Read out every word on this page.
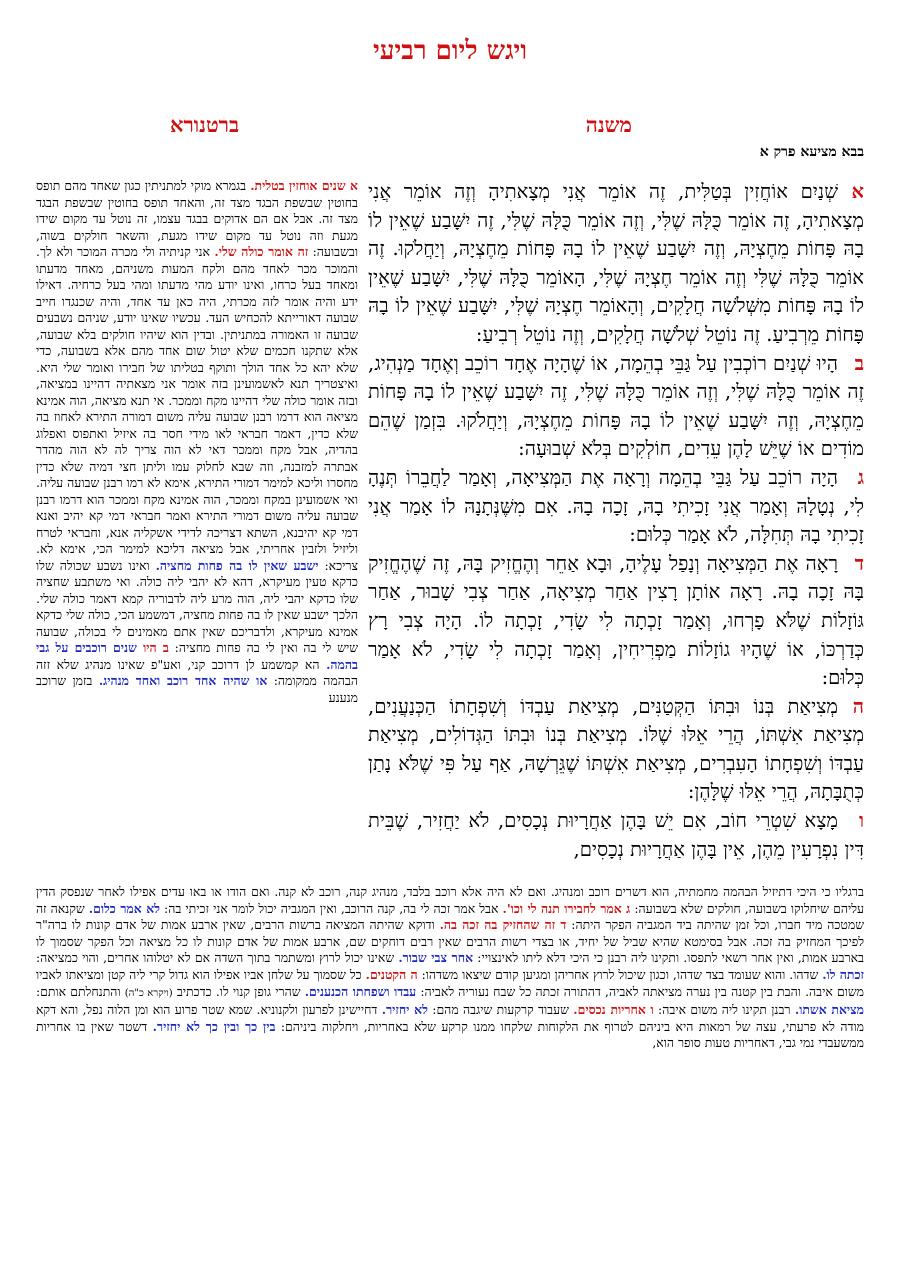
ויגש ליום רביעי
משנה
ברטנורא
בבא מציעא פרק א
אשְׁנַיִם אוֹחֲזִין בְּטַלִּית, זֶה אוֹמֵר אֲנִי מְצָאתִיהָ וְזֶה אוֹמֵר אֲנִי מְצָאתִיהָ, זֶה אוֹמֵר כֻּלָּהּ שֶׁלִּי, וְזֶה אוֹמֵר כֻּלָּהּ שֶׁלִּי, זֶה יִשָּׁבַע שֶׁאֵין לוֹ בָהּ פָּחוֹת מֵחֶצְיָהּ, וְזֶה יִשָּׁבַע שֶׁאֵין לוֹ בָהּ פָּחוֹת מֵחֶצְיָהּ, וְיַחֲלֹקוּ. זֶה אוֹמֵר כֻּלָּהּ שֶׁלִּי וְזֶה אוֹמֵר חֶצְיָהּ שֶׁלִּי, הָאוֹמֵר כֻּלָּהּ שֶׁלִּי, יִשָּׁבַע שֶׁאֵין לוֹ בָהּ פָּחוֹת מִשְּׁלֹשָׁה חֲלָקִים, וְהָאוֹמֵר חֶצְיָהּ שֶׁלִּי, יִשָּׁבַע שֶׁאֵין לוֹ בָהּ פָּחוֹת מֵרְבִיעַ. זֶה נוֹטֵל שְׁלֹשָׁה חֲלָקִים, וְזֶה נוֹטֵל רְבִיעַ:
בהָיוּ שְׁנַיִם רוֹכְבִין עַל גַּבֵּי בְהֵמָה, אוֹ שֶׁהָיָה אֶחָד רוֹכֵב וְאֶחָד מַנְהִיג, זֶה אוֹמֵר כֻּלָּהּ שֶׁלִּי, וְזֶה אוֹמֵר כֻּלָּהּ שֶׁלִּי, זֶה יִשָּׁבַע שֶׁאֵין לוֹ בָהּ פָּחוֹת מֵחֶצְיָהּ, וְזֶה יִשָּׁבַע שֶׁאֵין לוֹ בָהּ פָּחוֹת מֵחֶצְיָהּ, וְיַחֲלֹקוּ. בִּזְמַן שֶׁהֵם מוֹדִים אוֹ שֶׁיֵּשׁ לָהֶן עֵדִים, חוֹלְקִים בְּלֹא שְׁבוּעָה:
גהָיָה רוֹכֵב עַל גַּבֵּי בְהֵמָה וְרָאָה אֶת הַמְּצִיאָה, וְאָמַר לַחֲבֵרוֹ תְּנֶהָ לִי, נְטָלָהּ וְאָמַר אֲנִי זָכִיתִי בָהּ, זָכָה בָהּ. אִם מִשֶּׁנְּתָנָהּ לוֹ אָמַר אֲנִי זָכִיתִי בָהּ תְּחִלָּה, לֹא אָמַר כְּלוּם:
דרָאָה אֶת הַמְּצִיאָה וְנָפַל עָלֶיהָ, וּבָא אַחֵר וְהֶחֱזִיק בָּהּ, זֶה שֶׁהֶחֱזִיק בָּהּ זָכָה בָהּ. רָאָה אוֹתָן רָצִין אַחַר מְצִיאָה, אַחַר צְבִי שָׁבוּר, אַחַר גּוֹזָלוֹת שֶׁלֹּא פָרְחוּ, וְאָמַר זָכְתָה לִי שָׂדִי, זָכְתָה לוֹ. הָיָה צְבִי רָץ כְּדַרְכּוֹ, אוֹ שֶׁהָיוּ גוֹזָלוֹת מַפְרִיחִין, וְאָמַר זָכְתָה לִי שָׂדִי, לֹא אָמַר כְּלוּם:
המְצִיאַת בְּנוֹ וּבִתּוֹ הַקְּטַנִּים, מְצִיאַת עַבְדּוֹ וְשִׁפְחָתוֹ הַכְּנַעֲנִים, מְצִיאַת אִשְׁתּוֹ, הֲרֵי אֵלּוּ שֶׁלּוֹ. מְצִיאַת בְּנוֹ וּבִתּוֹ הַגְּדוֹלִים, מְצִיאַת עַבְדּוֹ וְשִׁפְחָתוֹ הָעִבְרִים, מְצִיאַת אִשְׁתּוֹ שֶׁגֵּרְשָׁהּ, אַף עַל פִּי שֶׁלֹּא נָתַן כְּתֻבָּתָהּ, הֲרֵי אֵלּוּ שֶׁלָּהֶן:
ומָצָא שִׁטְרֵי חוֹב, אִם יֵשׁ בָּהֶן אַחֲרָיוּת נְכָסִים, לֹא יַחֲזִיר, שֶׁבֵּית דִּין נִפְרָעִין מֵהֶן, אֵין בָּהֶן אַחֲרָיוּת נְכָסִים,
א שנים אוחזין בטלית. בגמרא מוקי למתניתין כגון שאחד מהם תופס בחוטין שבשפת הבגד מצד זה, והאחד תופס בחוטין שבשפת הבגד מצד זה. אבל אם הם אדוקים בבגד עצמו, זה נוטל עד מקום שידו מגעת וזה נוטל עד מקום שידו מגעת, והשאר חולקים בשוה, ובשבועה: זה אומר כולה שלי. אני קניתיה ולי מכרה המוכר ולא לך. והמוכר מכר לאחד מהם ולקח המעות משניהם, מאחד מדעתו ומאחד בעל כרחו, ואינו יודע מהי מדעתו ומהי בעל כרחיה. דאילו ידע והיה אומר לזה מכרתי, היה כאן עד אחד, והיה שכנגדו חייב שבועה דאורייתא להכחיש העד. עכשיו שאינו יודע, שניהם נשבעים שבועה זו האמורה במתניתין. ובדין הוא שיהיו חולקים בלא שבועה, אלא שתקנו חכמים שלא יטול שום אחד מהם אלא בשבועה, כדי שלא יהא כל אחד הולך ותוקף בטליתו של חבירו ואומר שלי היא. ואיצטריך תנא לאשמועינן בזה אומר אני מצאתיה דהיינו במציאה, ובזה אומר כולה שלי דהיינו מקח וממכר. אי תנא מציאה, הוה אמינא מציאה הוא דרמו רבנן שבועה עליה משום דמורה התירא לאחוז בה שלא כדין, דאמר חבראי לאו מידי חסר בה איזיל ואתפוס ואפלוג בהדיה, אבל מקח וממכר דאי לא הוה צריך לה לא הוה מהדר אבתרה למזבנה, וזה שבא לחלוק עמו וליתן חצי דמיה שלא כדין מחסרו וליכא למימר דמורי התירא, אימא לא רמו רבנן שבועה עליה. ואי אשמועינן במקח וממכר, הוה אמינא מקח וממכר הוא דרמו רבנן שבועה עליה משום דמורי התירא ואמר חבראי דמי קא יהיב ואנא דמי קא יהיבנא, השתא דצריכה לדידי אשקליה אנא, וחבראי לטרח וליזיל ולזבין אחריתי, אבל מציאה דליכא למימר הכי, אימא לא. צריכא: ישבע שאין לו בה פחות מחציה. ואינו נשבע שכולה שלו כדקא טעין מעיקרא, דהא לא יהבי ליה כולה. ואי משתבע שחציה שלו כדקא יהבי ליה, הוה מרע ליה לדבוריה קמא דאמר כולה שלי. הלכך ישבע שאין לו בה פחות מחציה, דמשמע הכי, כולה שלי כדקא אמינא מעיקרא, ולדבריכם שאין אתם מאמינים לי בכולה, שבועה שיש לי בה ואין לי בה פחות מחציה: ב היו שנים רוכבים על גבי בהמה. הא קמשמע לן דרוכב קני, ואע"פ שאינו מנהיג שלא זזה הבהמה ממקומה: או שהיה אחד רוכב ואחד מנהיג. בזמן שרוכב מנענע
ברגליו כי היכי דתיזיל הבהמה מחמתיה, הוא דשרים רוכב ומנהיג. ואם לא היה אלא רוכב בלבד, מנהיג קנה, רוכב לא קנה. ואם הודו או באו עדים אפילו לאחר שנפסק הדין עליהם שיחלוקו בשבועה, חולקים שלא בשבועה: ג אמר לחבירו תנה לי וכו'. אבל אמר זכה לי בה, קנה הרוכב, ואין המגביה יכול לומר אני זכיתי בה: לא אמר כלום. שקנאה זה שמטכה מיד חברו, וכל זמן שהיתה ביד המגביה הפקר היתה: ד זה שהחזיק בה זכה בה. ודוקא שהיתה המציאה ברשות הרבים, שאין ארבע אמות של אדם קונות לו ברה"ר לפיכך המחזיק בה זכה. אבל בסימטא שהיא שביל של יחיד, או בצדי רשות הרבים שאין רבים דוחקים שם, ארבע אמות של אדם קונות לו כל מציאה וכל הפקר שסמוך לו בארבע אמות, ואין אחר רשאי לתפסו. ותקינו ליה רבנן כי היכי דלא ליתו לאינצויי: אחר צבי שבור. שאינו יכול לרוץ ומשתמר בתוך השדה אם לא יטלוהו אחרים, והוי כמציאה: זכתה לו. שדהו. והוא שעומד בצד שדהו, וכגון שיכול לרוץ אחריהן ומגיען קודם שיצאו משדהו: ה הקטנים. כל שסמוך על שלחן אביו אפילו הוא גדול קרי ליה קטן ומציאתו לאביו משום איבה. והבת בין קטנה בין נערה מציאתה לאביה, דהתורה זכתה כל שבח נעוריה לאביה: עבדו ושפחתו הכנענים. שהרי גופן קנוי לו. כדכתיב (ויקרא כ"ה) והתנחלתם אותם: מציאת אשתו. רבנן תקינו ליה משום איבה: ו אחריות נכסים. שעבוד קרקעות שיגבה מהם: לא יחזיר. דחיישינן לפרעון ולקנוניא. שמא שטר פרוע הוא ומן הלוה נפל, והא דקא מודה לא פרעתי, עצה של רמאות היא ביניהם לטרוף את הלקוחות שלקחו ממנו קרקע שלא באחריות, ויחלקוה ביניהם: בין כך ובין כך לא יחזיר. דשטר שאין בו אחריות ממשעבדי נמי גבי, דאחריות טעות סופר הוא,
